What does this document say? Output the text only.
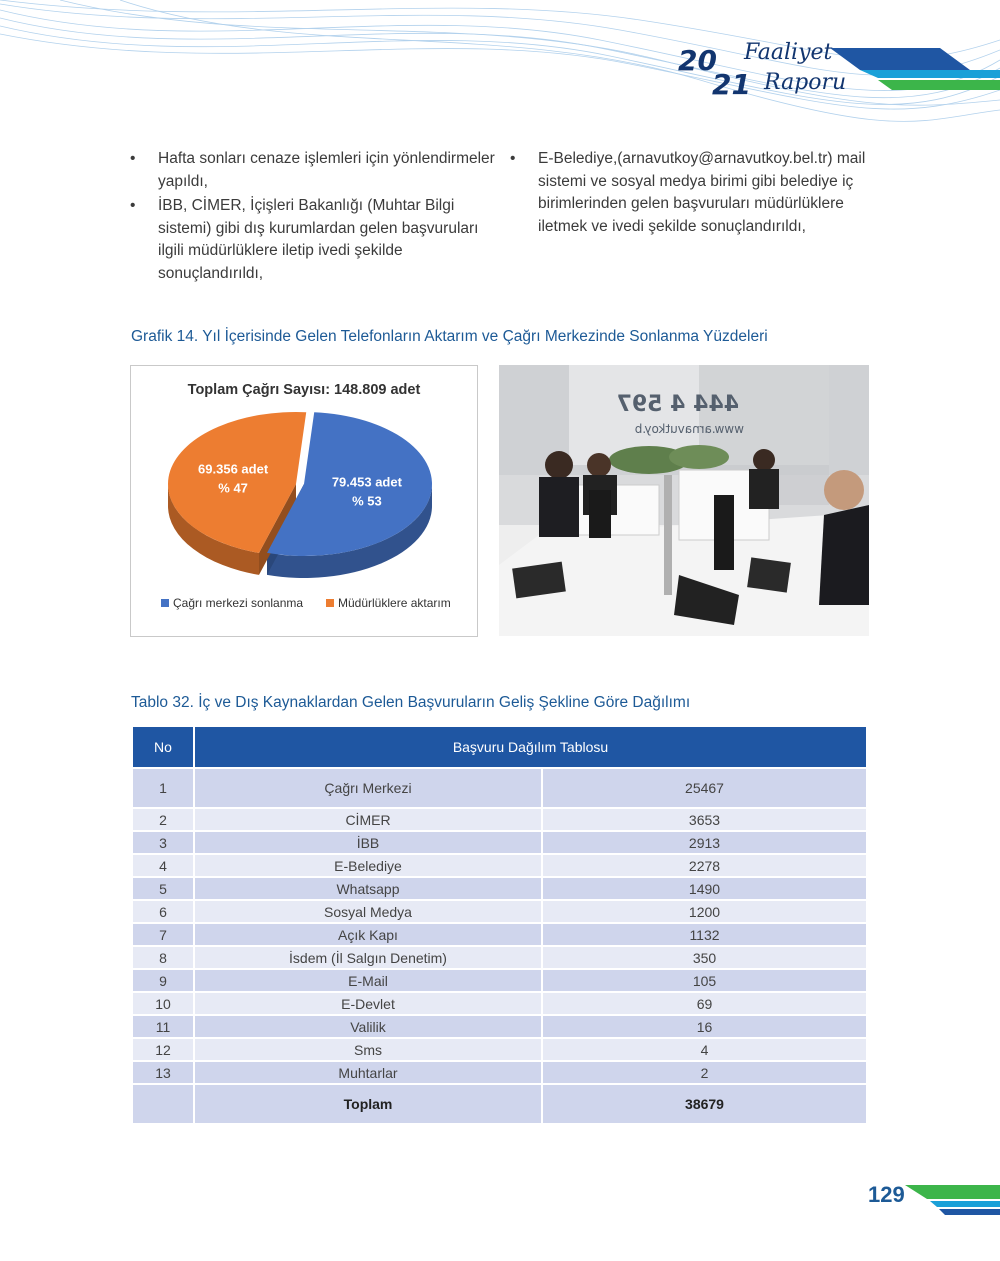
20
21
Faaliyet
Raporu
• Hafta sonları cenaze işlemleri için yönlendirmeler yapıldı,
• İBB, CİMER, İçişleri Bakanlığı (Muhtar Bilgi sistemi) gibi dış kurumlardan gelen başvuruları ilgili müdürlüklere iletip ivedi şekilde sonuçlandırıldı,
• E-Belediye,(arnavutkoy@arnavutkoy.bel.tr) mail sistemi ve sosyal medya birimi gibi belediye iç birimlerinden gelen başvuruları müdürlüklere iletmek ve ivedi şekilde sonuçlandırıldı,
Grafik 14. Yıl İçerisinde Gelen Telefonların Aktarım ve Çağrı Merkezinde Sonlanma Yüzdeleri
Toplam Çağrı Sayısı: 148.809 adet
79.453 adet
% 53
69.356 adet
% 47
Çağrı merkezi sonlanma	Müdürlüklere aktarım
444 4 597
www.arnavutkoy.b
Tablo 32. İç ve Dış Kaynaklardan Gelen Başvuruların Geliş Şekline Göre Dağılımı
No	Başvuru Dağılım Tablosu	
1	Çağrı Merkezi	25467
2	CİMER	3653
3	İBB	2913
4	E-Belediye	2278
5	Whatsapp	1490
6	Sosyal Medya	1200
7	Açık Kapı	1132
8	İsdem (İl Salgın Denetim)	350
9	E-Mail	105
10	E-Devlet	69
11	Valilik	16
12	Sms	4
13	Muhtarlar	2
	Toplam	38679
129
